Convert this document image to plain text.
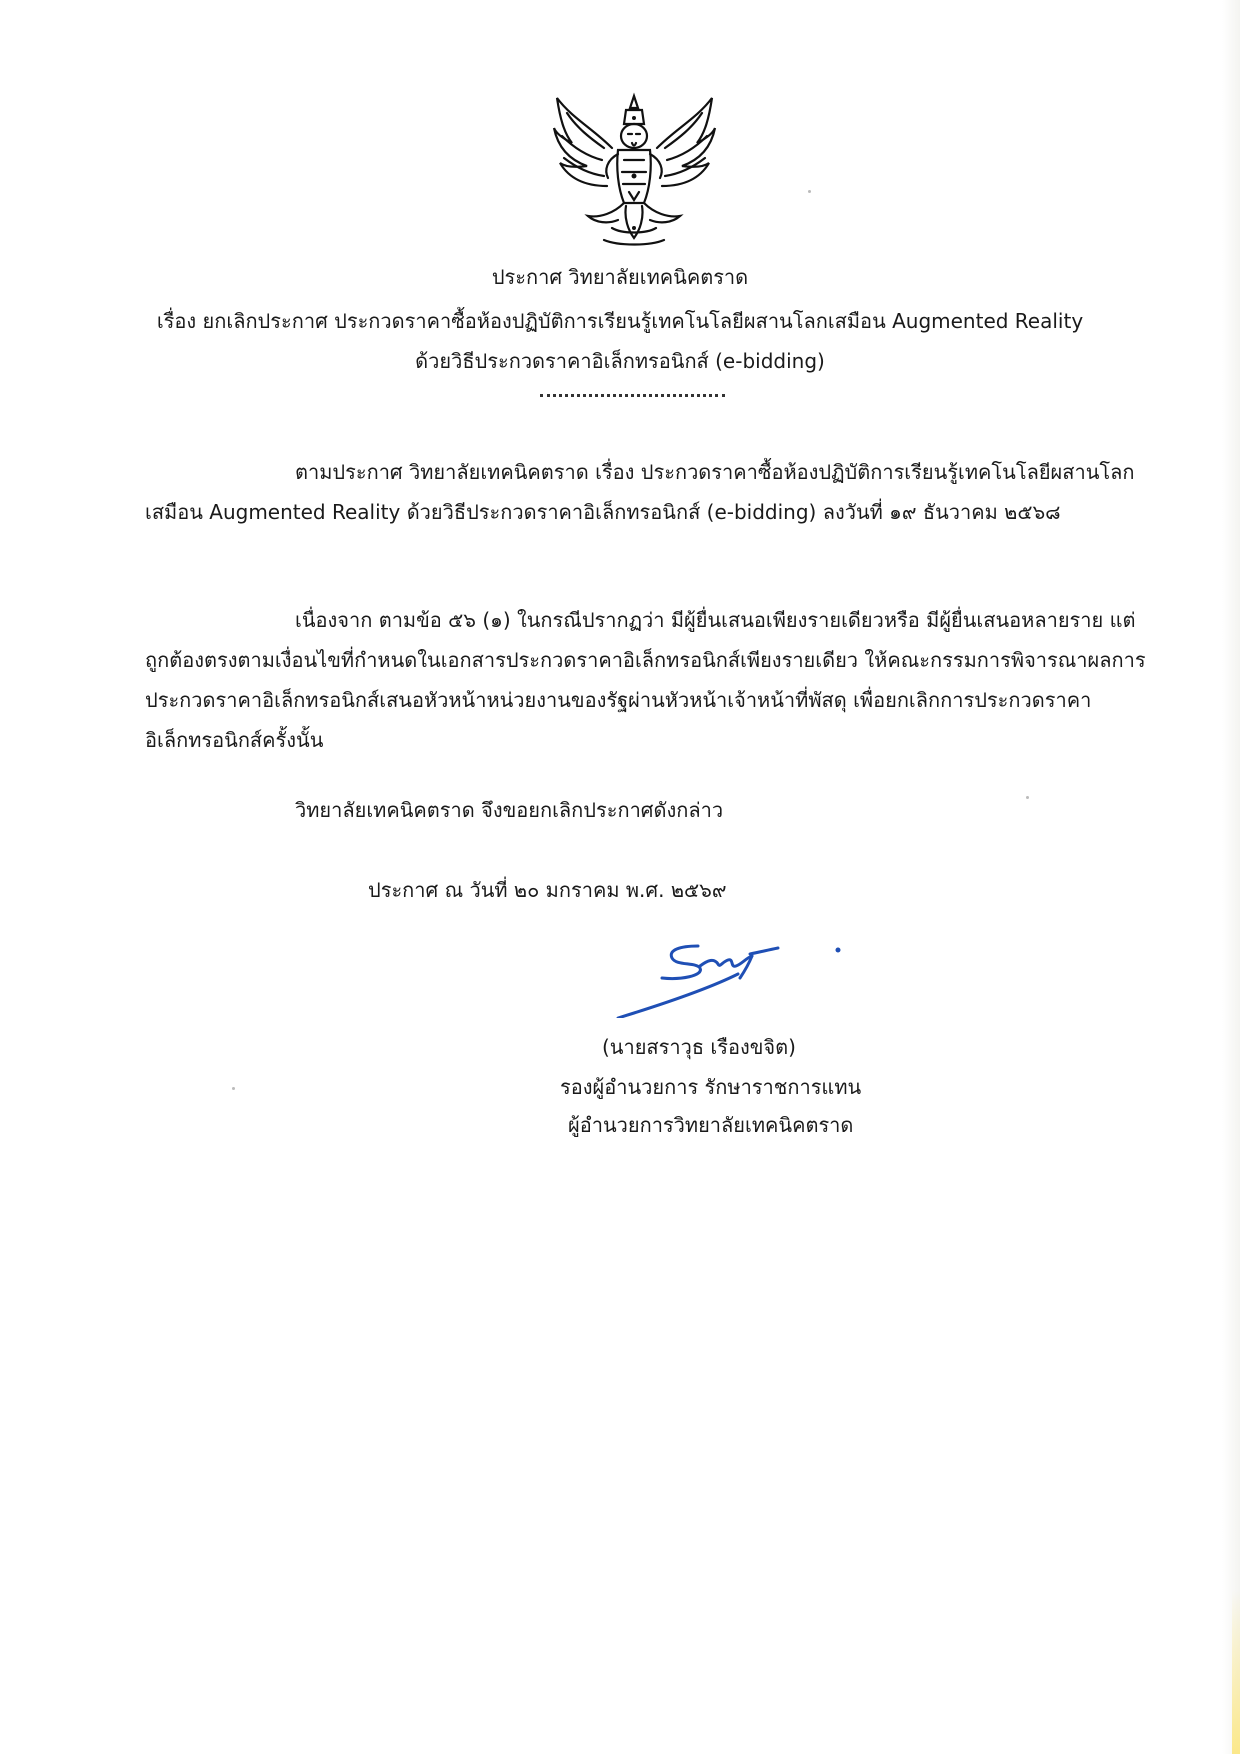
ประกาศ วิทยาลัยเทคนิคตราด
เรื่อง ยกเลิกประกาศ ประกวดราคาซื้อห้องปฏิบัติการเรียนรู้เทคโนโลยีผสานโลกเสมือน Augmented Reality
ด้วยวิธีประกวดราคาอิเล็กทรอนิกส์ (e-bidding)
ตามประกาศ วิทยาลัยเทคนิคตราด เรื่อง ประกวดราคาซื้อห้องปฏิบัติการเรียนรู้เทคโนโลยีผสานโลก
เสมือน Augmented Reality ด้วยวิธีประกวดราคาอิเล็กทรอนิกส์ (e-bidding) ลงวันที่ ๑๙ ธันวาคม ๒๕๖๘
เนื่องจาก ตามข้อ ๕๖ (๑) ในกรณีปรากฏว่า มีผู้ยื่นเสนอเพียงรายเดียวหรือ มีผู้ยื่นเสนอหลายราย แต่
ถูกต้องตรงตามเงื่อนไขที่กำหนดในเอกสารประกวดราคาอิเล็กทรอนิกส์เพียงรายเดียว ให้คณะกรรมการพิจารณาผลการ
ประกวดราคาอิเล็กทรอนิกส์เสนอหัวหน้าหน่วยงานของรัฐผ่านหัวหน้าเจ้าหน้าที่พัสดุ เพื่อยกเลิกการประกวดราคา
อิเล็กทรอนิกส์ครั้งนั้น
วิทยาลัยเทคนิคตราด จึงขอยกเลิกประกาศดังกล่าว
ประกาศ ณ วันที่ ๒๐ มกราคม พ.ศ. ๒๕๖๙
(นายสราวุธ เรืองขจิต)
รองผู้อำนวยการ รักษาราชการแทน
ผู้อำนวยการวิทยาลัยเทคนิคตราด
